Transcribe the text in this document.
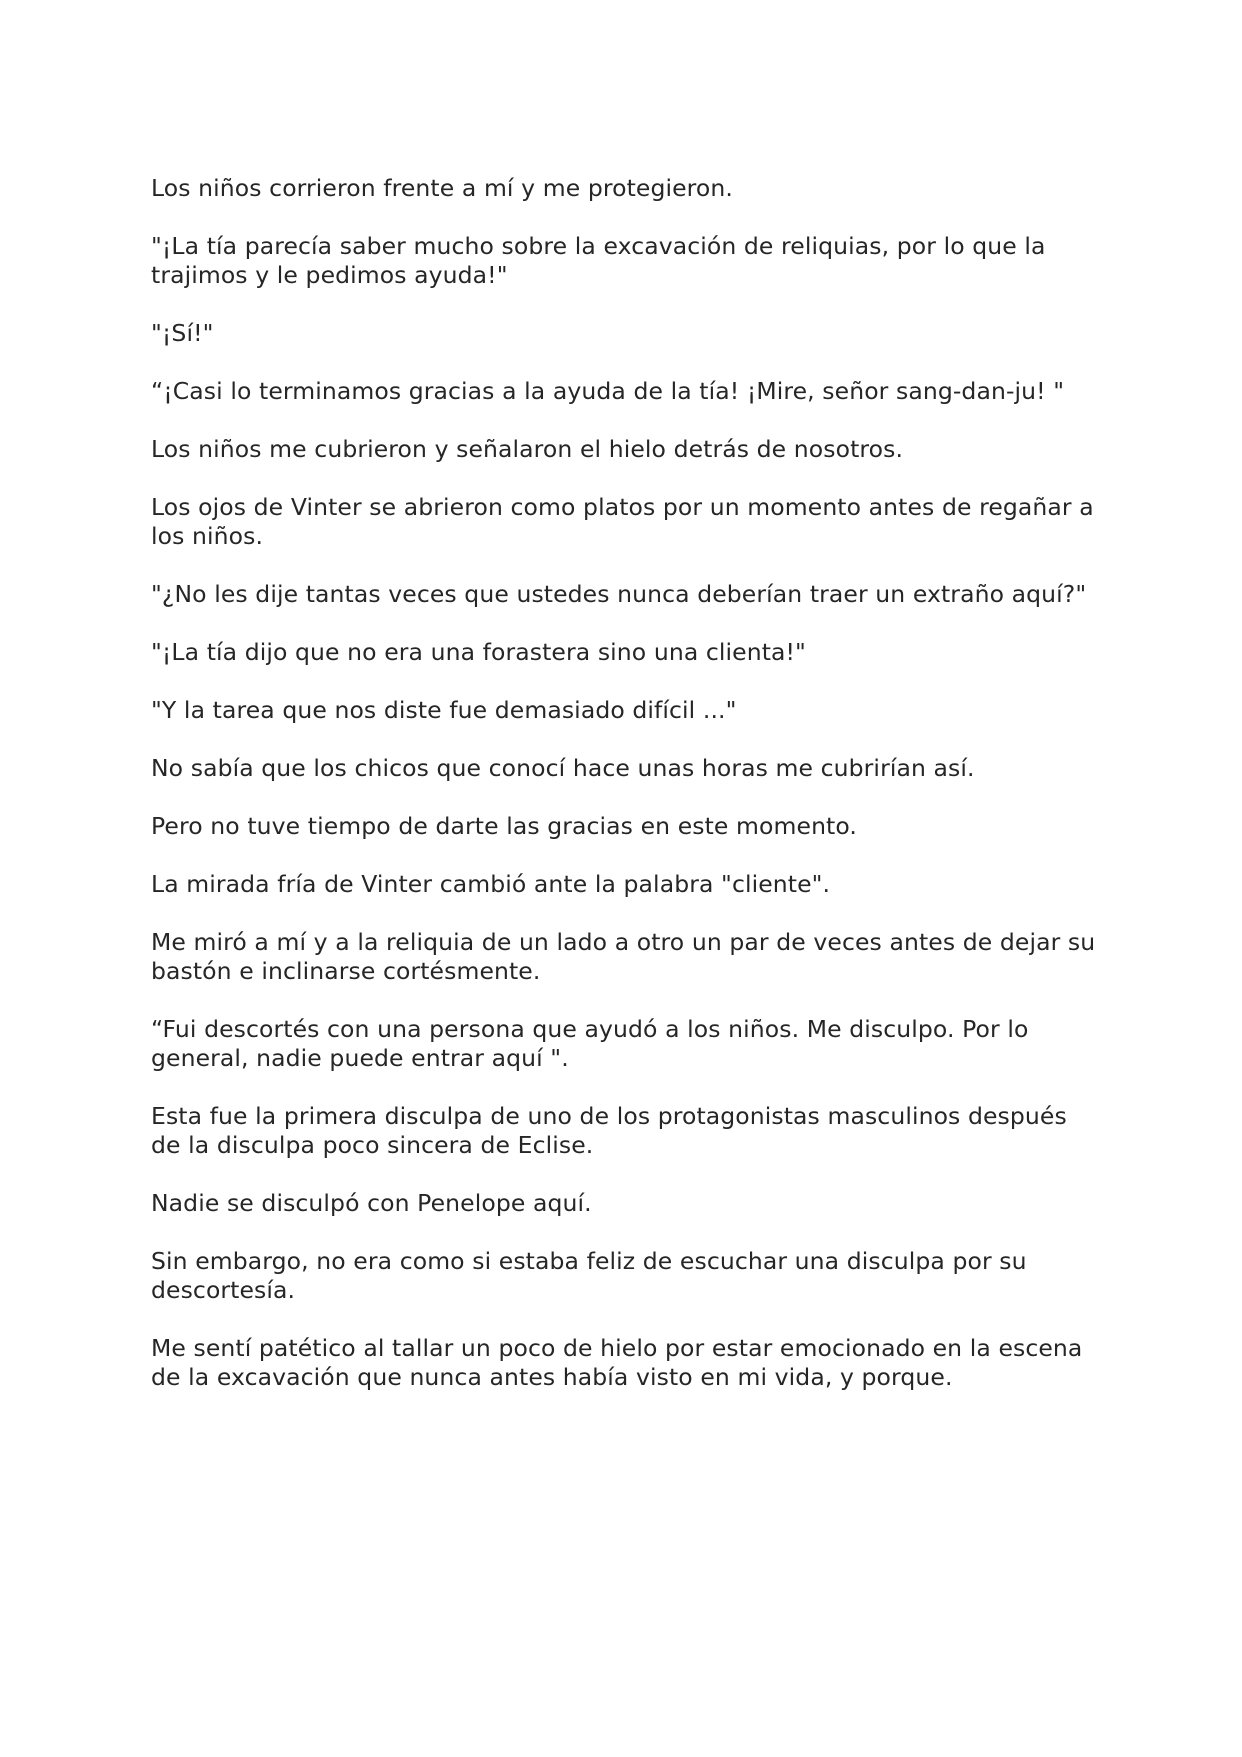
Los niños corrieron frente a mí y me protegieron.

"¡La tía parecía saber mucho sobre la excavación de reliquias, por lo que la trajimos y le pedimos ayuda!"

"¡Sí!"

“¡Casi lo terminamos gracias a la ayuda de la tía! ¡Mire, señor sang-dan-ju! "

Los niños me cubrieron y señalaron el hielo detrás de nosotros.

Los ojos de Vinter se abrieron como platos por un momento antes de regañar a los niños.

"¿No les dije tantas veces que ustedes nunca deberían traer un extraño aquí?"

"¡La tía dijo que no era una forastera sino una clienta!"

"Y la tarea que nos diste fue demasiado difícil ..."

No sabía que los chicos que conocí hace unas horas me cubrirían así.

Pero no tuve tiempo de darte las gracias en este momento.

La mirada fría de Vinter cambió ante la palabra "cliente".

Me miró a mí y a la reliquia de un lado a otro un par de veces antes de dejar su bastón e inclinarse cortésmente.

“Fui descortés con una persona que ayudó a los niños. Me disculpo. Por lo general, nadie puede entrar aquí ".

Esta fue la primera disculpa de uno de los protagonistas masculinos después de la disculpa poco sincera de Eclise.

Nadie se disculpó con Penelope aquí.

Sin embargo, no era como si estaba feliz de escuchar una disculpa por su descortesía.

Me sentí patético al tallar un poco de hielo por estar emocionado en la escena de la excavación que nunca antes había visto en mi vida, y porque.
